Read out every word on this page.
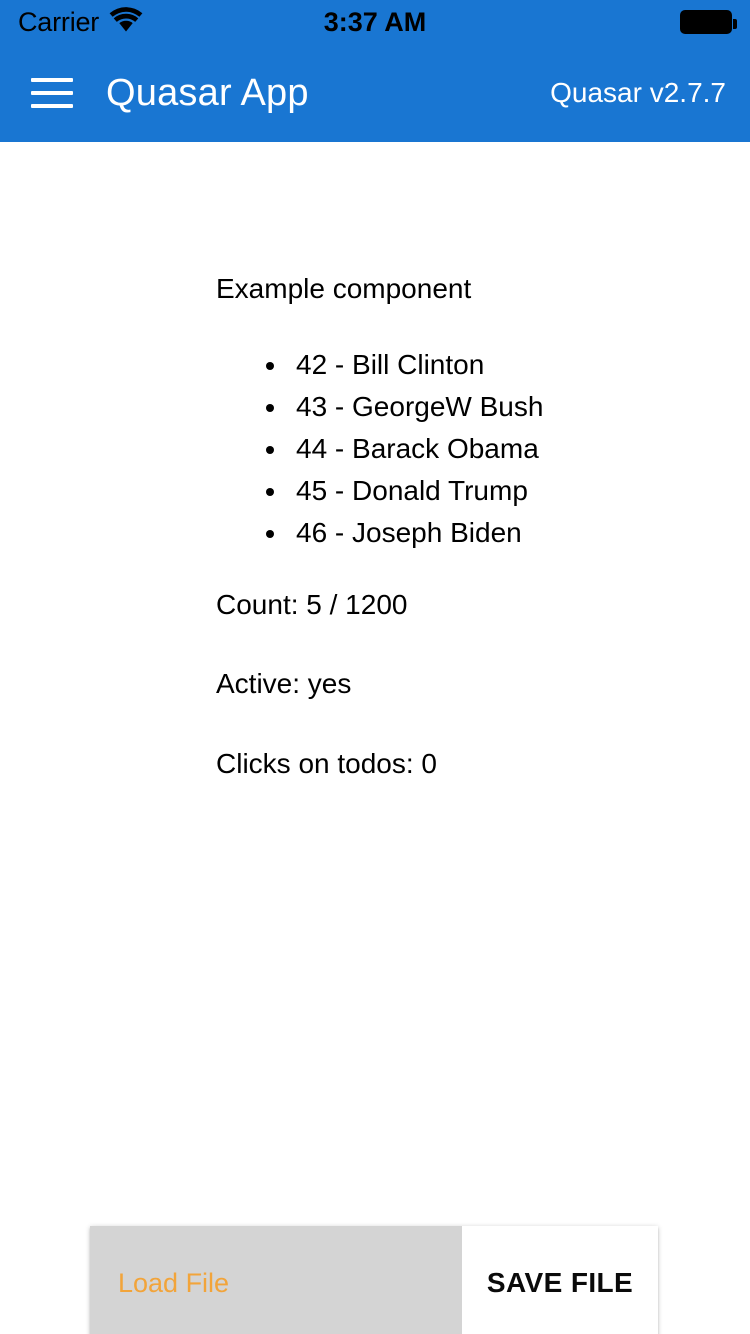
Carrier	3:37 AM
Quasar App	Quasar v2.7.7
Example component
42 - Bill Clinton
43 - GeorgeW Bush
44 - Barack Obama
45 - Donald Trump
46 - Joseph Biden
Count: 5 / 1200
Active: yes
Clicks on todos: 0
Load File	SAVE FILE
